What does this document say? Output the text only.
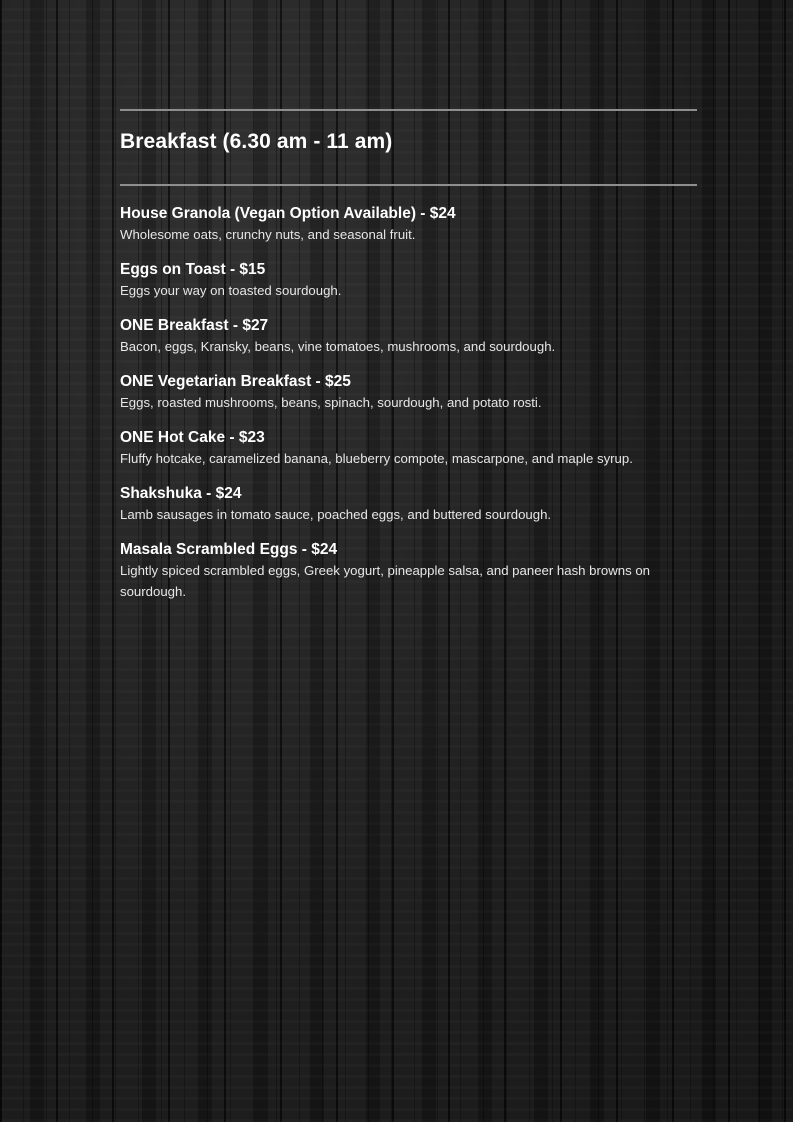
Breakfast (6.30 am - 11 am)
House Granola (Vegan Option Available) - $24
Wholesome oats, crunchy nuts, and seasonal fruit.
Eggs on Toast - $15
Eggs your way on toasted sourdough.
ONE Breakfast - $27
Bacon, eggs, Kransky, beans, vine tomatoes, mushrooms, and sourdough.
ONE Vegetarian Breakfast - $25
Eggs, roasted mushrooms, beans, spinach, sourdough, and potato rosti.
ONE Hot Cake - $23
Fluffy hotcake, caramelized banana, blueberry compote, mascarpone, and maple syrup.
Shakshuka - $24
Lamb sausages in tomato sauce, poached eggs, and buttered sourdough.
Masala Scrambled Eggs - $24
Lightly spiced scrambled eggs, Greek yogurt, pineapple salsa, and paneer hash browns on sourdough.
